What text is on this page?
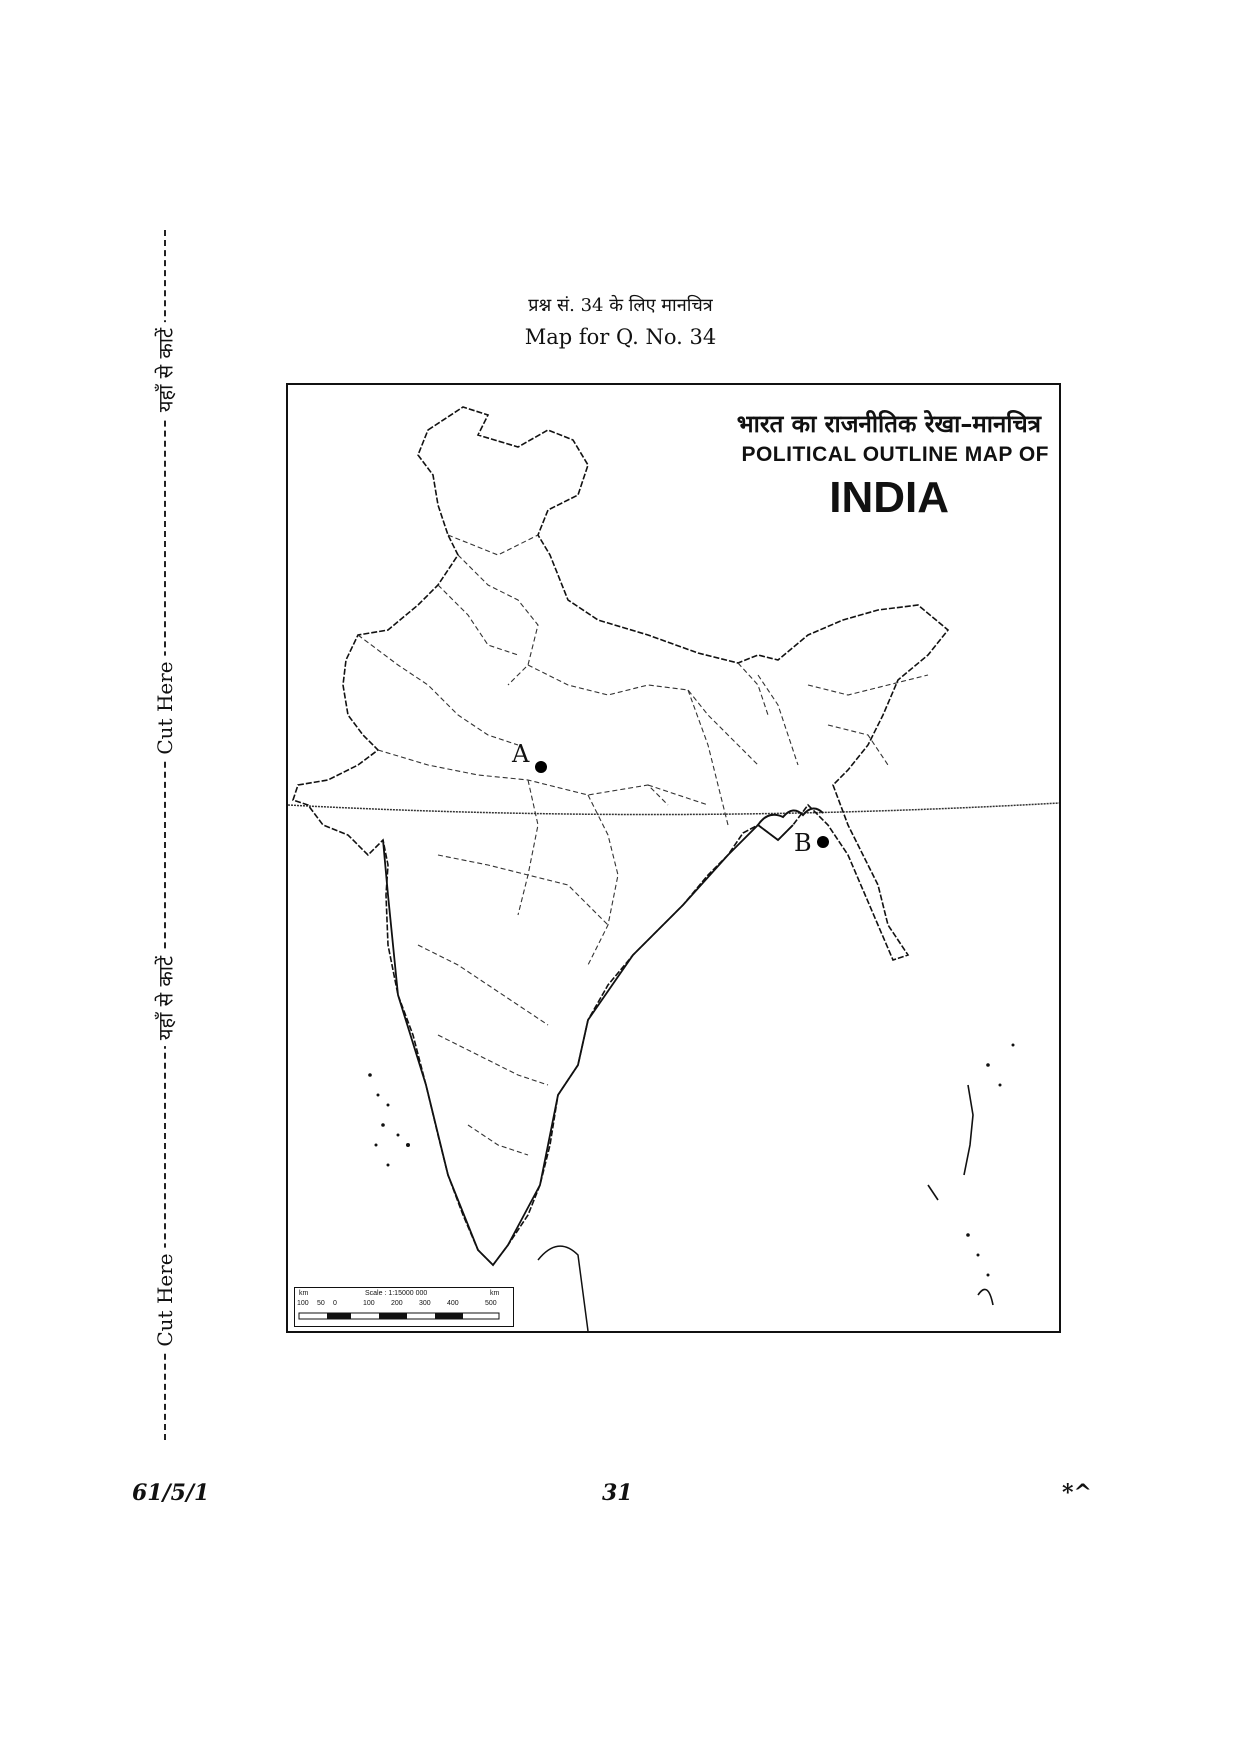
यहाँ से काटें
Cut Here
यहाँ से काटें
Cut Here
प्रश्न सं. 34 के लिए मानचित्र
Map for Q. No. 34
भारत का राजनीतिक रेखा–मानचित्र
POLITICAL OUTLINE MAP OF
INDIA
A
B
km	Scale : 1:15000 000	km
100 50 0	100 200 300 400	500
61/5/1	31	*^
